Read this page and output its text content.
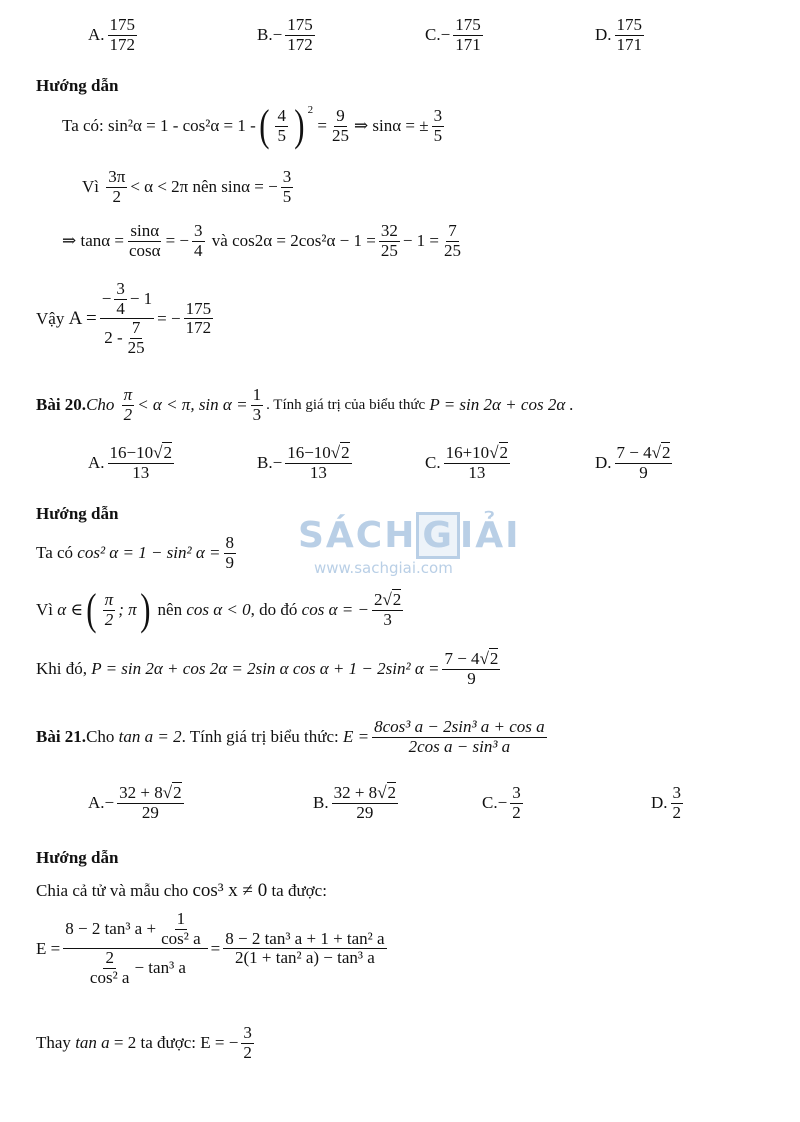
A. $\frac{175}{172}$	B. − $\frac{175}{172}$	C. − $\frac{175}{171}$	D. $\frac{175}{171}$
Hướng dẫn
Ta có:
sin²α = 1 - cos²α = 1 - ( $\frac{4}{5}$ ) $^2$

= $\frac{9}{25}$ ⇒ sinα = ± $\frac{3}{5}$
Vì
$\frac{3\pi}{2} < \alpha < 2\pi$ nên sinα = − $\frac{3}{5}$
⇒ $\tan\alpha = \frac{\sin\alpha}{\cos\alpha}$ = − $\frac{3}{4}$
và $\cos 2\alpha = 2\cos^2\alpha - 1 = \frac{32}{25} - 1 = \frac{7}{25}$
Vậy
$A = \frac{- \frac{3}{4} - 1}{2 - \frac{7}{25}}$ = − $\frac{175}{172}$
Bài 20. Cho
$\frac{\pi}{2} < \alpha < \pi$, $\sin \alpha = \frac{1}{3}$ . Tính giá trị của biểu thức
P = sin 2α + cos 2α .
A. $\frac{16-10√2}{13}$	B. − $\frac{16-10√2}{13}$	C. $\frac{16+10√2}{13}$	D. $\frac{7 - 4√2}{9}$
Hướng dẫn
SÁCH G IẢI
www.sachgiai.com
Ta có
cos² α = 1 − sin² $\alpha = \frac{8}{9}$
Vì
α ∈ ( $\frac{\pi}{2}$ ; π )
nên
cos α < 0 , do đó
cos α = − $\frac{2√2}{3}$
Khi đó,
P = sin 2α + cos 2α = 2sin α cos α + 1 − 2sin² $\alpha = \frac{7 - 4√2}{9}$
Bài 21. Cho
tan a = 2 . Tính giá trị biểu thức:
$E = \frac{\text{8cos³ a − 2sin³ a + cos a}}{\text{2cos a − sin³ a}}$
A. − $\frac{32 + 8√2}{29}$	B. $\frac{32 + 8√2}{29}$	C. − $\frac{3}{2}$	D. $\frac{3}{2}$
Hướng dẫn
Chia cả tử và mẫu cho
cos³ x ≠ 0
ta được:
$E = \frac{8 - 2 \tan^3 a + \frac{1}{\text{cos² a}}}{\frac{2}{\text{cos² a}} - \tan^3 a} = \frac{\text{8 − 2 tan³ a + 1 + tan² a}}{\text{2(1 + tan² a) − tan³ a}}$
Thay
tan a
= 2 ta được: E = − $\frac{3}{2}$
